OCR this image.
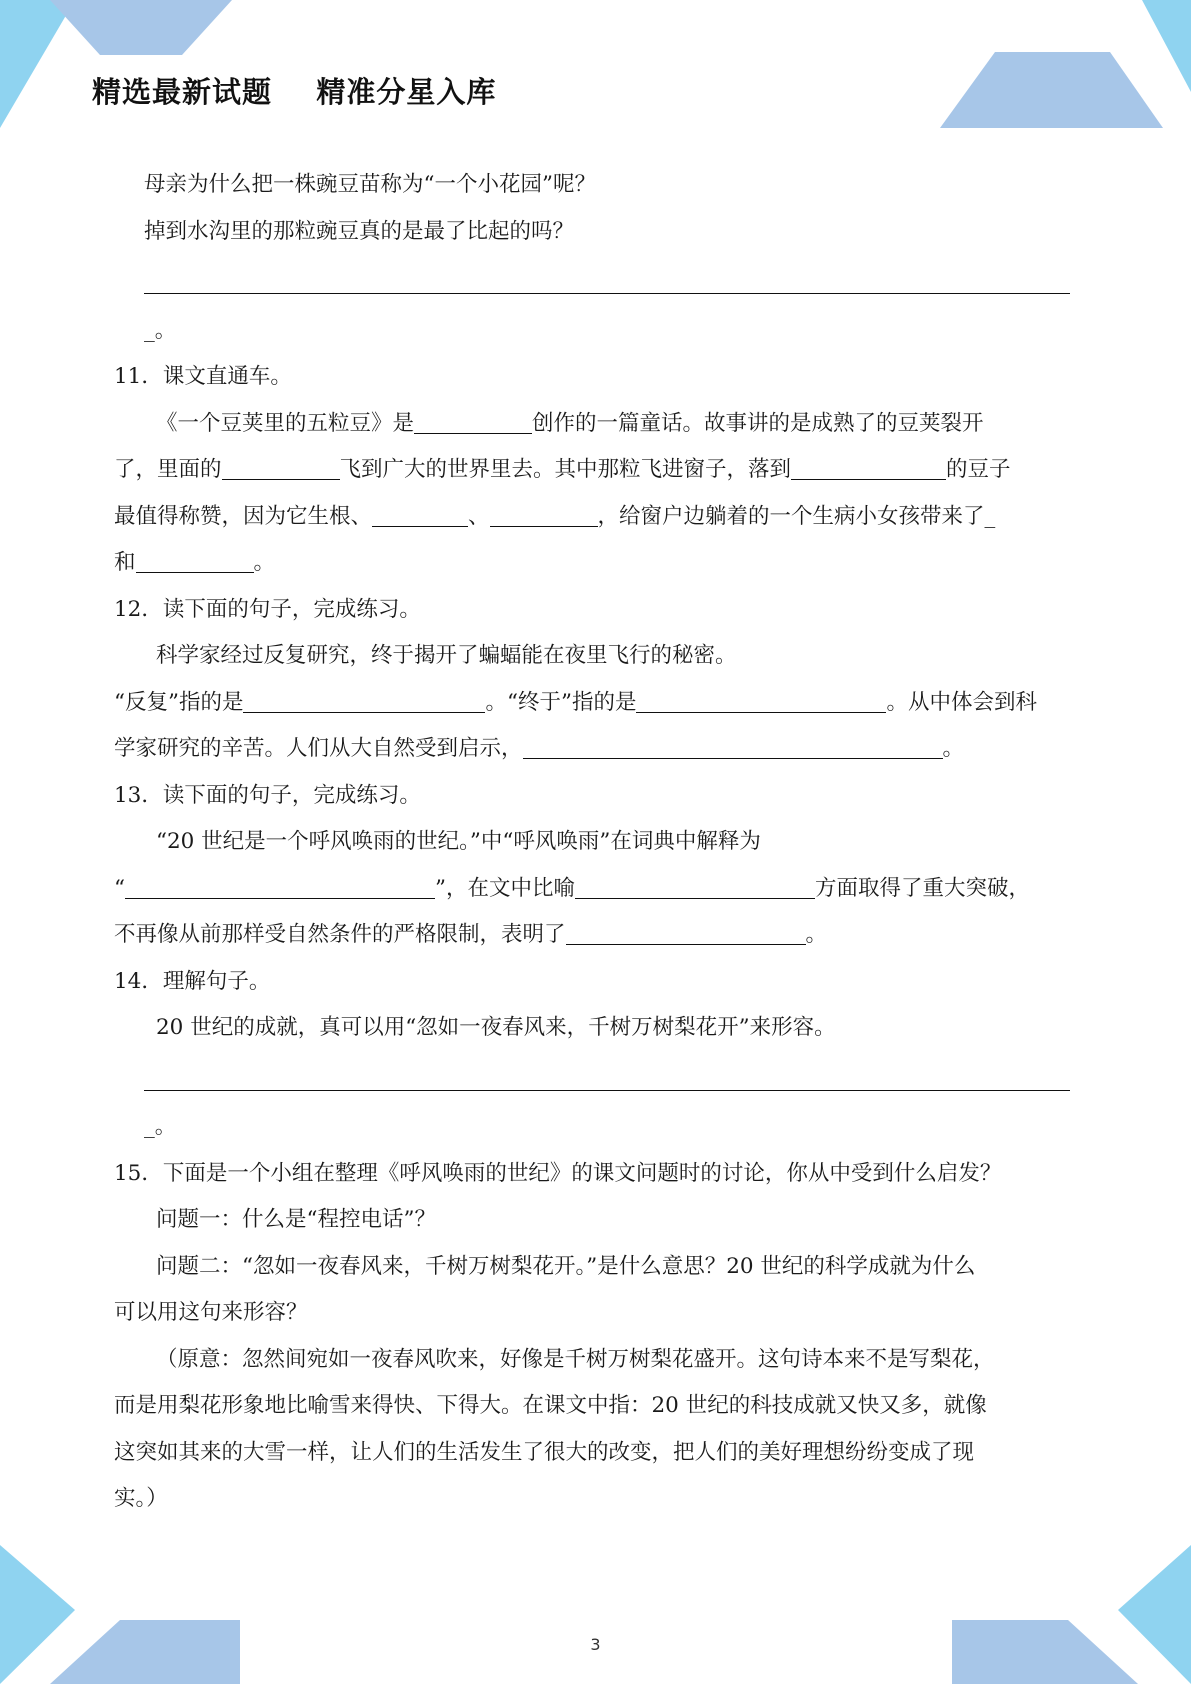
精选最新试题    精准分星入库
母亲为什么把一株豌豆苗称为“一个小花园”呢？
掉到水沟里的那粒豌豆真的是最了比起的吗？
_。
11．课文直通车。
《一个豆荚里的五粒豆》是	创作的一篇童话。故事讲的是成熟了的豆荚裂开
了，里面的	飞到广大的世界里去。其中那粒飞进窗子，落到	的豆子
最值得称赞，因为它生根、	、	，给窗户边躺着的一个生病小女孩带来了_
和	。
12．读下面的句子，完成练习。
科学家经过反复研究，终于揭开了蝙蝠能在夜里飞行的秘密。
“反复”指的是	。“终于”指的是	。从中体会到科
学家研究的辛苦。人们从大自然受到启示，	。
13．读下面的句子，完成练习。
“20 世纪是一个呼风唤雨的世纪。”中“呼风唤雨”在词典中解释为
“	”，在文中比喻	方面取得了重大突破，
不再像从前那样受自然条件的严格限制，表明了	。
14．理解句子。
20 世纪的成就，真可以用“忽如一夜春风来，千树万树梨花开”来形容。
_。
15．下面是一个小组在整理《呼风唤雨的世纪》的课文问题时的讨论，你从中受到什么启发？
问题一：什么是“程控电话”？
问题二：“忽如一夜春风来，千树万树梨花开。”是什么意思？20 世纪的科学成就为什么
可以用这句来形容？
（原意：忽然间宛如一夜春风吹来，好像是千树万树梨花盛开。这句诗本来不是写梨花，
而是用梨花形象地比喻雪来得快、下得大。在课文中指：20 世纪的科技成就又快又多，就像
这突如其来的大雪一样，让人们的生活发生了很大的改变，把人们的美好理想纷纷变成了现
实。）
3
